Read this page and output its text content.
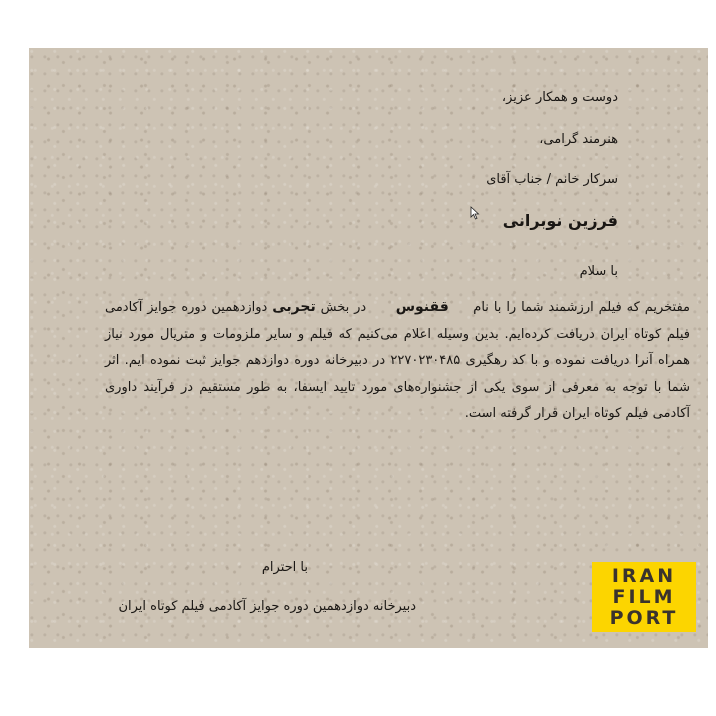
دوست و همکار عزیز،
هنرمند گرامی،
سرکار خانم / جناب آقای
فرزین نوبرانی
با سلام
مفتخریم که فیلم ارزشمند شما را با نام     ققنوس      در بخش تجربی دوازدهمین دوره جوایز آکادمی فیلم کوتاه ایران دریافت کرده‌ایم. بدین وسیله اعلام می‌کنیم که فیلم و سایر ملزومات و متریال مورد نیاز همراه آنرا دریافت نموده و با کد رهگیری ۲۲۷۰۲۳۰۴۸۵ در دبیرخانه دوره دوازدهم جوایز ثبت نموده ایم. اثر شما با توجه به معرفی از سوی یکی از جشنواره‌های مورد تایید ایسفا، به طور مستقیم در فرآیند داوری آکادمی فیلم کوتاه ایران قرار گرفته است.
با احترام
دبیرخانه دوازدهمین دوره جوایز آکادمی فیلم کوتاه ایران
IRAN
FILM
PORT
